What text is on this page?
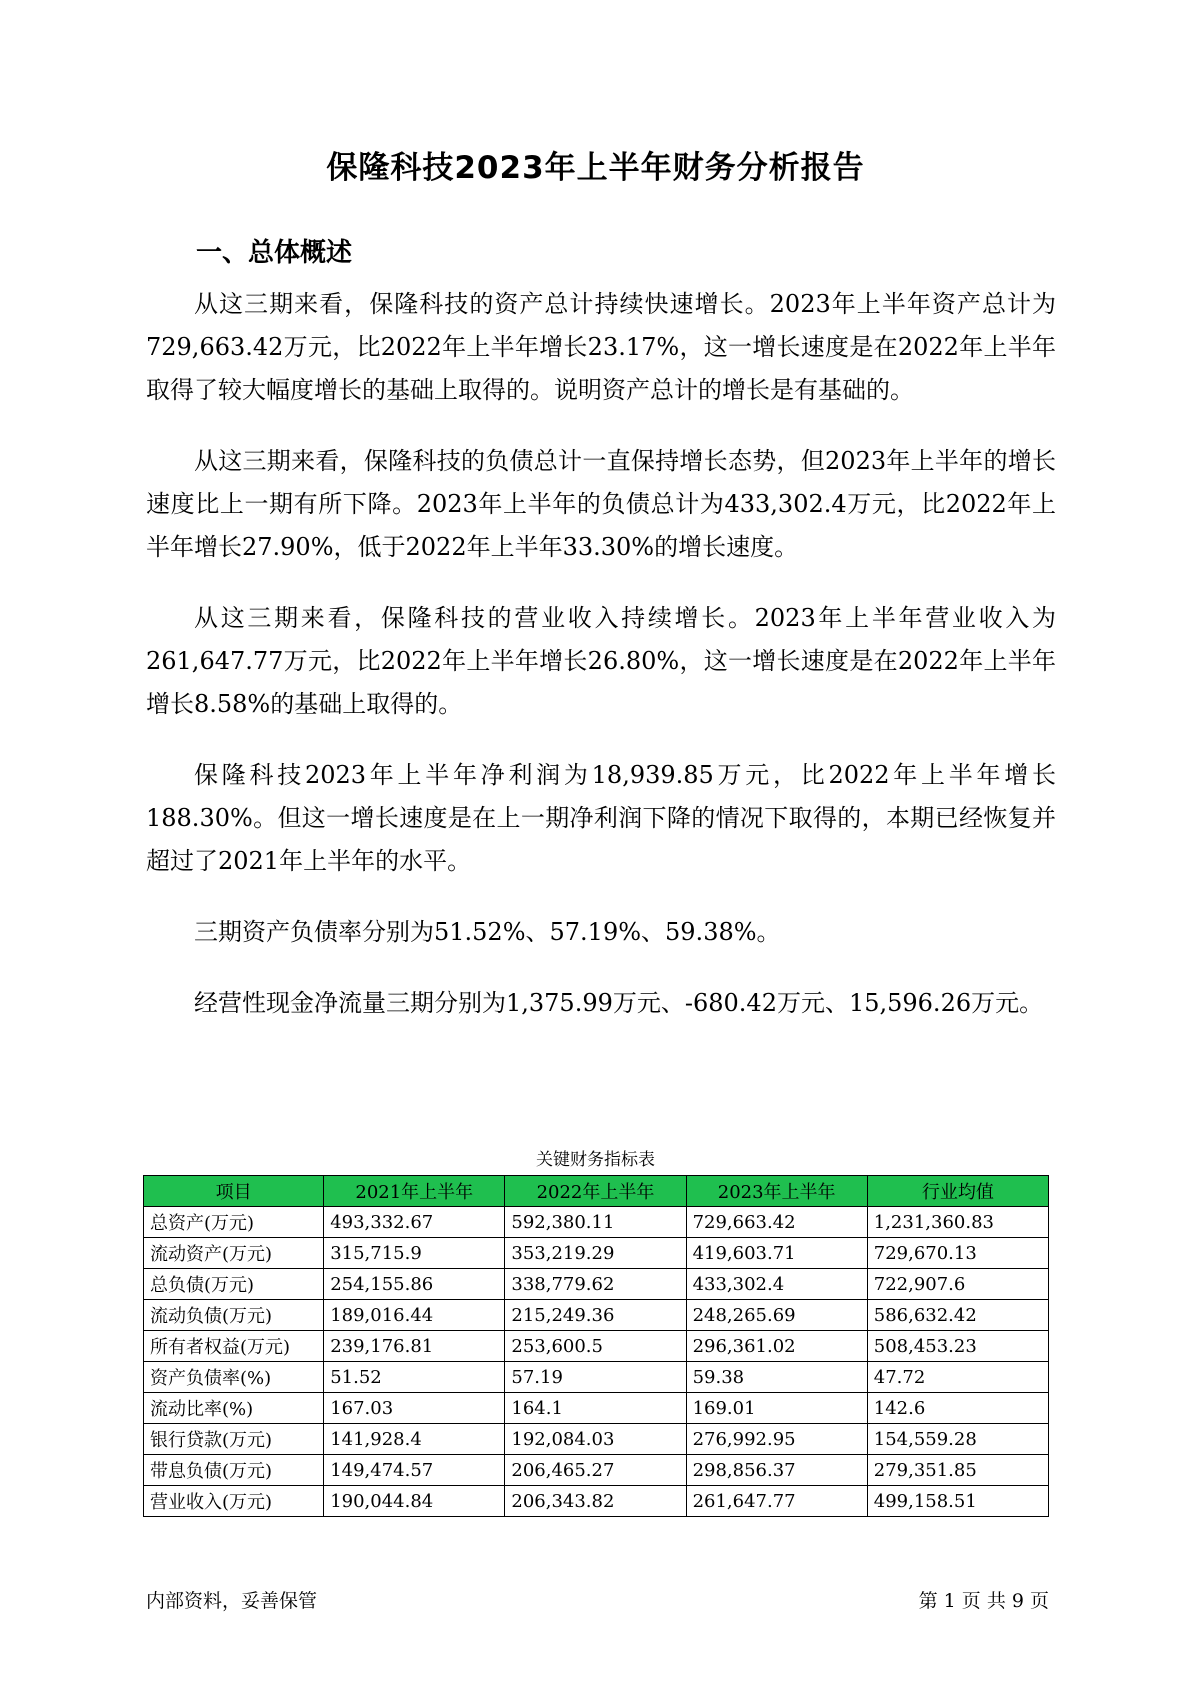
保隆科技2023年上半年财务分析报告
一、总体概述

从这三期来看，保隆科技的资产总计持续快速增长。2023年上半年资产总计为729,663.42万元，比2022年上半年增长23.17%，这一增长速度是在2022年上半年取得了较大幅度增长的基础上取得的。说明资产总计的增长是有基础的。

从这三期来看，保隆科技的负债总计一直保持增长态势，但2023年上半年的增长速度比上一期有所下降。2023年上半年的负债总计为433,302.4万元，比2022年上半年增长27.90%，低于2022年上半年33.30%的增长速度。

从这三期来看，保隆科技的营业收入持续增长。2023年上半年营业收入为261,647.77万元，比2022年上半年增长26.80%，这一增长速度是在2022年上半年增长8.58%的基础上取得的。

保隆科技2023年上半年净利润为18,939.85万元，比2022年上半年增长188.30%。但这一增长速度是在上一期净利润下降的情况下取得的，本期已经恢复并超过了2021年上半年的水平。

三期资产负债率分别为51.52%、57.19%、59.38%。

经营性现金净流量三期分别为1,375.99万元、-680.42万元、15,596.26万元。

关键财务指标表
项目	2021年上半年	2022年上半年	2023年上半年	行业均值
总资产(万元)	493,332.67	592,380.11	729,663.42	1,231,360.83
流动资产(万元)	315,715.9	353,219.29	419,603.71	729,670.13
总负债(万元)	254,155.86	338,779.62	433,302.4	722,907.6
流动负债(万元)	189,016.44	215,249.36	248,265.69	586,632.42
所有者权益(万元)	239,176.81	253,600.5	296,361.02	508,453.23
资产负债率(%)	51.52	57.19	59.38	47.72
流动比率(%)	167.03	164.1	169.01	142.6
银行贷款(万元)	141,928.4	192,084.03	276,992.95	154,559.28
带息负债(万元)	149,474.57	206,465.27	298,856.37	279,351.85
营业收入(万元)	190,044.84	206,343.82	261,647.77	499,158.51
内部资料，妥善保管	第 1 页 共 9 页
